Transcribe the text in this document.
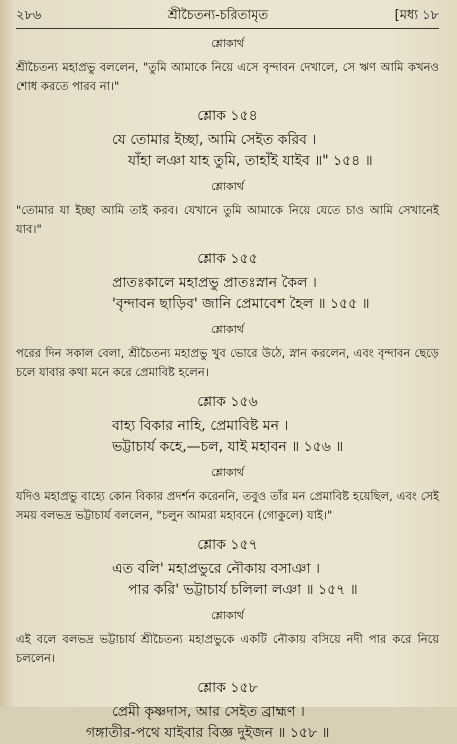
২৮৬	শ্রীচৈতন্য-চরিতামৃত	[মধ্য ১৮
শ্লোকার্থ
শ্রীচৈতন্য মহাপ্রভু বললেন, "তুমি আমাকে নিয়ে এসে বৃন্দাবন দেখালে, সে ঋণ আমি কখনও শোধ করতে পারব না।"
শ্লোক ১৫৪
যে তোমার ইচ্ছা, আমি সেইত করিব ।
যাঁহা লঞা যাহ তুমি, তাহাঁই যাইব ॥" ১৫৪ ॥
শ্লোকার্থ
"তোমার যা ইচ্ছা আমি তাই করব। যেখানে তুমি আমাকে নিয়ে যেতে চাও আমি সেখানেই যাব।"
শ্লোক ১৫৫
প্রাতঃকালে মহাপ্রভু প্রাতঃস্নান কৈল ।
'বৃন্দাবন ছাড়িব' জানি প্রেমাবেশ হৈল ॥ ১৫৫ ॥
শ্লোকার্থ
পরের দিন সকাল বেলা, শ্রীচৈতন্য মহাপ্রভু খুব ভোরে উঠে, স্নান করলেন, এবং বৃন্দাবন ছেড়ে চলে যাবার কথা মনে করে প্রেমাবিষ্ট হলেন।
শ্লোক ১৫৬
বাহ্য বিকার নাহি, প্রেমাবিষ্ট মন ।
ভট্টাচার্য কহে,—চল, যাই মহাবন ॥ ১৫৬ ॥
শ্লোকার্থ
যদিও মহাপ্রভু বাহ্যে কোন বিকার প্রদর্শন করেননি, তবুও তাঁর মন প্রেমাবিষ্ট হয়েছিল, এবং সেই সময় বলভদ্র ভট্টাচার্য বললেন, "চলুন আমরা মহাবনে (গোকুলে) যাই।"
শ্লোক ১৫৭
এত বলি' মহাপ্রভুরে নৌকায় বসাঞা ।
পার করি' ভট্টাচার্য চলিলা লঞা ॥ ১৫৭ ॥
শ্লোকার্থ
এই বলে বলভদ্র ভট্টাচার্য শ্রীচৈতন্য মহাপ্রভুকে একটি নৌকায় বসিয়ে নদী পার করে নিয়ে চললেন।
শ্লোক ১৫৮
প্রেমী কৃষ্ণদাস, আর সেইত ব্রাহ্মণ ।
গঙ্গাতীর-পথে যাইবার বিজ্ঞ দুইজন ॥ ১৫৮ ॥
